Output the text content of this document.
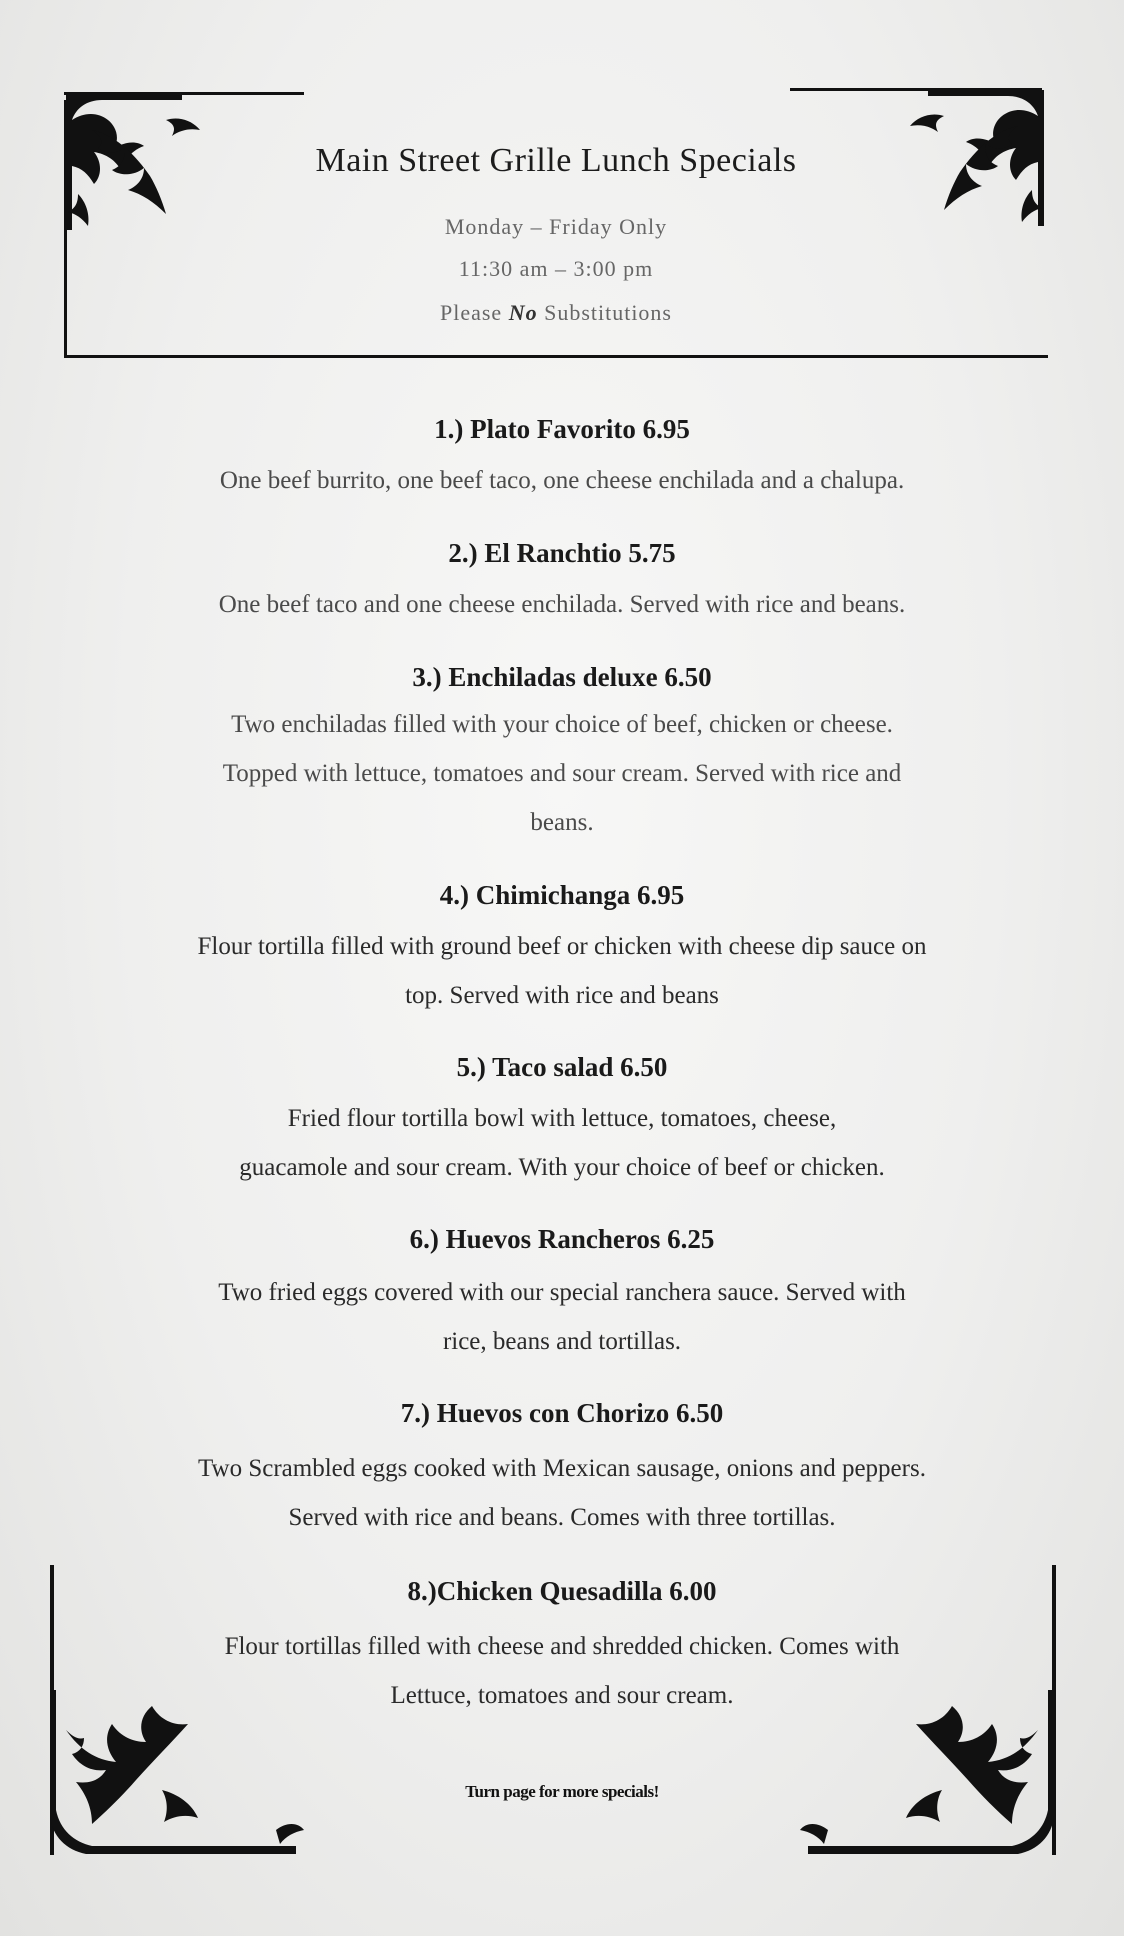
Main Street Grille Lunch Specials
Monday – Friday Only
11:30 am – 3:00 pm
Please No Substitutions
1.) Plato Favorito 6.95
One beef burrito, one beef taco, one cheese enchilada and a chalupa.
2.) El Ranchtio 5.75
One beef taco and one cheese enchilada. Served with rice and beans.
3.) Enchiladas deluxe 6.50
Two enchiladas filled with your choice of beef, chicken or cheese.
Topped with lettuce, tomatoes and sour cream. Served with rice and
beans.
4.) Chimichanga 6.95
Flour tortilla filled with ground beef or chicken with cheese dip sauce on
top. Served with rice and beans
5.) Taco salad 6.50
Fried flour tortilla bowl with lettuce, tomatoes, cheese,
guacamole and sour cream. With your choice of beef or chicken.
6.) Huevos Rancheros 6.25
Two fried eggs covered with our special ranchera sauce. Served with
rice, beans and tortillas.
7.) Huevos con Chorizo 6.50
Two Scrambled eggs cooked with Mexican sausage, onions and peppers.
Served with rice and beans. Comes with three tortillas.
8.)Chicken Quesadilla 6.00
Flour tortillas filled with cheese and shredded chicken. Comes with
Lettuce, tomatoes and sour cream.
Turn page for more specials!
